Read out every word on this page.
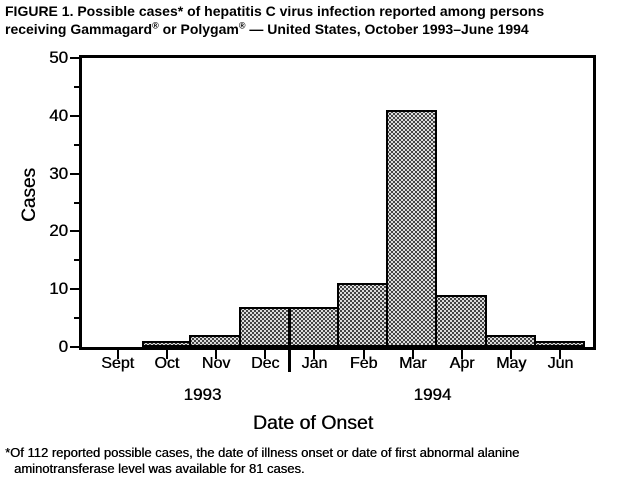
FIGURE 1. Possible cases* of hepatitis C virus infection reported among persons
receiving Gammagard® or Polygam® — United States, October 1993–June 1994
Cases
Date of Onset
0
10
20
30
40
50
Sept	Oct	Nov	Dec	Jan	Feb	Mar	Apr	May	Jun
1993	1994
*Of 112 reported possible cases, the date of illness onset or date of first abnormal alanine
aminotransferase level was available for 81 cases.
